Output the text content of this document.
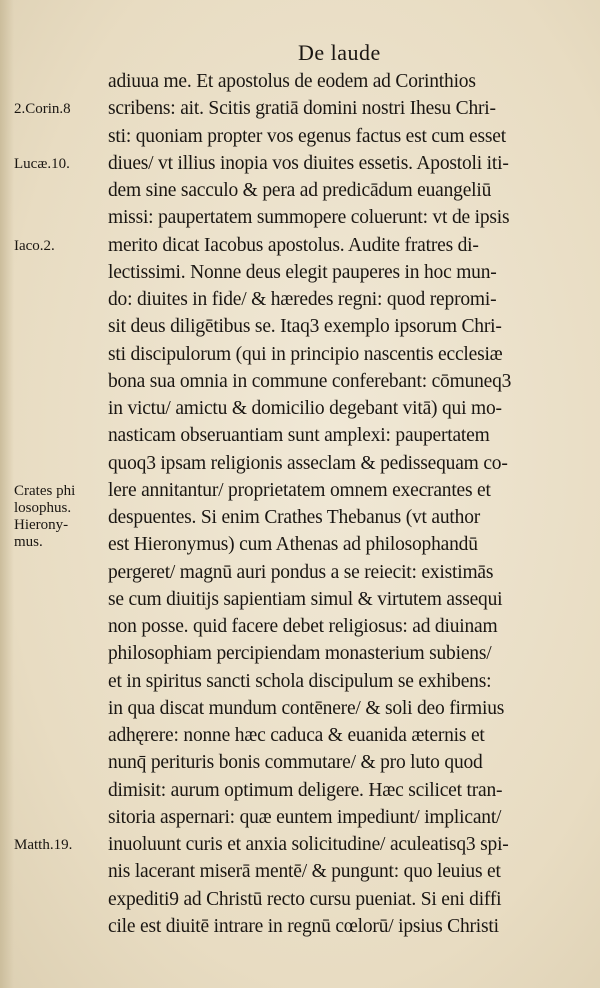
De laude
2.Corin.8
Lucæ.10.
Iaco.2.
Crates phi
losophus.
Hierony-
mus.
Matth.19.
adiuua me. Et apostolus de eodem ad Corinthios
scribens: ait. Scitis gratiā domini nostri Ihesu Chri-
sti: quoniam propter vos egenus factus est cum esset
diues/ vt illius inopia vos diuites essetis. Apostoli iti-
dem sine sacculo & pera ad predicādum euangeliū
missi: paupertatem summopere coluerunt: vt de ipsis
merito dicat Iacobus apostolus. Audite fratres di-
lectissimi. Nonne deus elegit pauperes in hoc mun-
do: diuites in fide/ & hæredes regni: quod repromi-
sit deus diligētibus se. Itaq3 exemplo ipsorum Chri-
sti discipulorum (qui in principio nascentis ecclesiæ
bona sua omnia in commune conferebant: cōmuneq3
in victu/ amictu & domicilio degebant vitā) qui mo-
nasticam obseruantiam sunt amplexi: paupertatem
quoq3 ipsam religionis asseclam & pedissequam co-
lere annitantur/ proprietatem omnem execrantes et
despuentes. Si enim Crathes Thebanus (vt author
est Hieronymus) cum Athenas ad philosophandū
pergeret/ magnū auri pondus a se reiecit: existimās
se cum diuitijs sapientiam simul & virtutem assequi
non posse. quid facere debet religiosus: ad diuinam
philosophiam percipiendam monasterium subiens/
et in spiritus sancti schola discipulum se exhibens:
in qua discat mundum contēnere/ & soli deo firmius
adhęrere: nonne hæc caduca & euanida æternis et
nunq̄ perituris bonis commutare/ & pro luto quod
dimisit: aurum optimum deligere. Hæc scilicet tran-
sitoria aspernari: quæ euntem impediunt/ implicant/
inuoluunt curis et anxia solicitudine/ aculeatisq3 spi-
nis lacerant miserā mentē/ & pungunt: quo leuius et
expediti9 ad Christū recto cursu pueniat. Si eni diffi
cile est diuitē intrare in regnū cœlorū/ ipsius Christi
